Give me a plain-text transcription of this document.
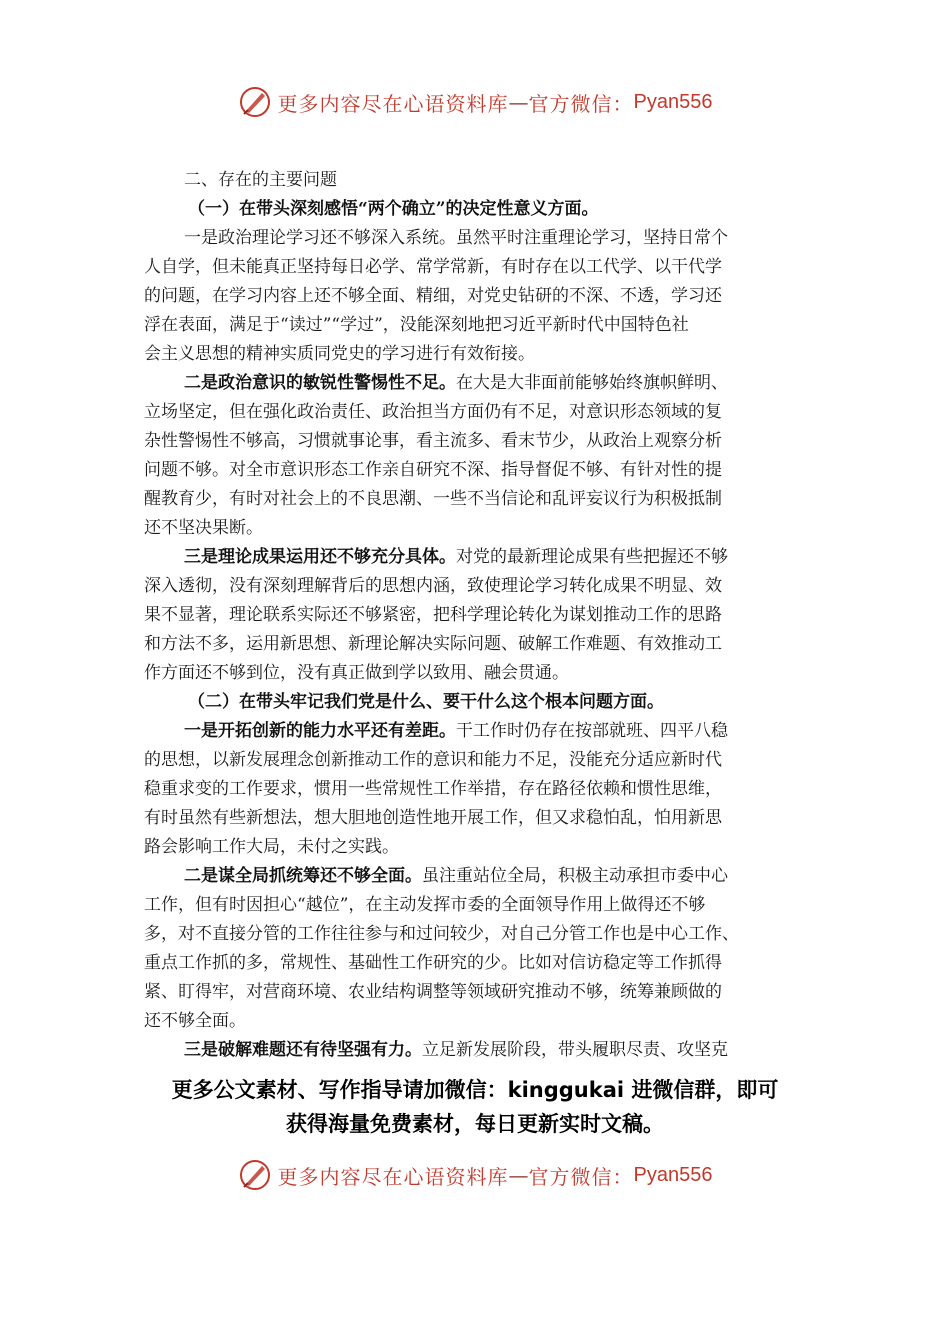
更多内容尽在心语资料库 — 官方微信： Pyan556
二、存在的主要问题
（一）在带头深刻感悟“两个确立”的决定性意义方面。
一是政治理论学习还不够深入系统。虽然平时注重理论学习，坚持日常个
人自学，但未能真正坚持每日必学、常学常新，有时存在以工代学、以干代学
的问题，在学习内容上还不够全面、精细，对党史钻研的不深、不透，学习还
浮在表面，满足于“读过”“学过”，没能深刻地把习近平新时代中国特色社
会主义思想的精神实质同党史的学习进行有效衔接。
二是政治意识的敏锐性警惕性不足。在大是大非面前能够始终旗帜鲜明、
立场坚定，但在强化政治责任、政治担当方面仍有不足，对意识形态领域的复
杂性警惕性不够高，习惯就事论事，看主流多、看末节少，从政治上观察分析
问题不够。对全市意识形态工作亲自研究不深、指导督促不够、有针对性的提
醒教育少，有时对社会上的不良思潮、一些不当信论和乱评妄议行为积极抵制
还不坚决果断。
三是理论成果运用还不够充分具体。对党的最新理论成果有些把握还不够
深入透彻，没有深刻理解背后的思想内涵，致使理论学习转化成果不明显、效
果不显著，理论联系实际还不够紧密，把科学理论转化为谋划推动工作的思路
和方法不多，运用新思想、新理论解决实际问题、破解工作难题、有效推动工
作方面还不够到位，没有真正做到学以致用、融会贯通。
（二）在带头牢记我们党是什么、要干什么这个根本问题方面。
一是开拓创新的能力水平还有差距。干工作时仍存在按部就班、四平八稳
的思想，以新发展理念创新推动工作的意识和能力不足，没能充分适应新时代
稳重求变的工作要求，惯用一些常规性工作举措，存在路径依赖和惯性思维，
有时虽然有些新想法，想大胆地创造性地开展工作，但又求稳怕乱，怕用新思
路会影响工作大局，未付之实践。
二是谋全局抓统筹还不够全面。虽注重站位全局，积极主动承担市委中心
工作，但有时因担心“越位”，在主动发挥市委的全面领导作用上做得还不够
多，对不直接分管的工作往往参与和过问较少，对自己分管工作也是中心工作、
重点工作抓的多，常规性、基础性工作研究的少。比如对信访稳定等工作抓得
紧、盯得牢，对营商环境、农业结构调整等领域研究推动不够，统筹兼顾做的
还不够全面。
三是破解难题还有待坚强有力。立足新发展阶段，带头履职尽责、攻坚克
更多公文素材、写作指导请加微信：kinggukai 进微信群，即可
获得海量免费素材，每日更新实时文稿。
更多内容尽在心语资料库 — 官方微信： Pyan556
